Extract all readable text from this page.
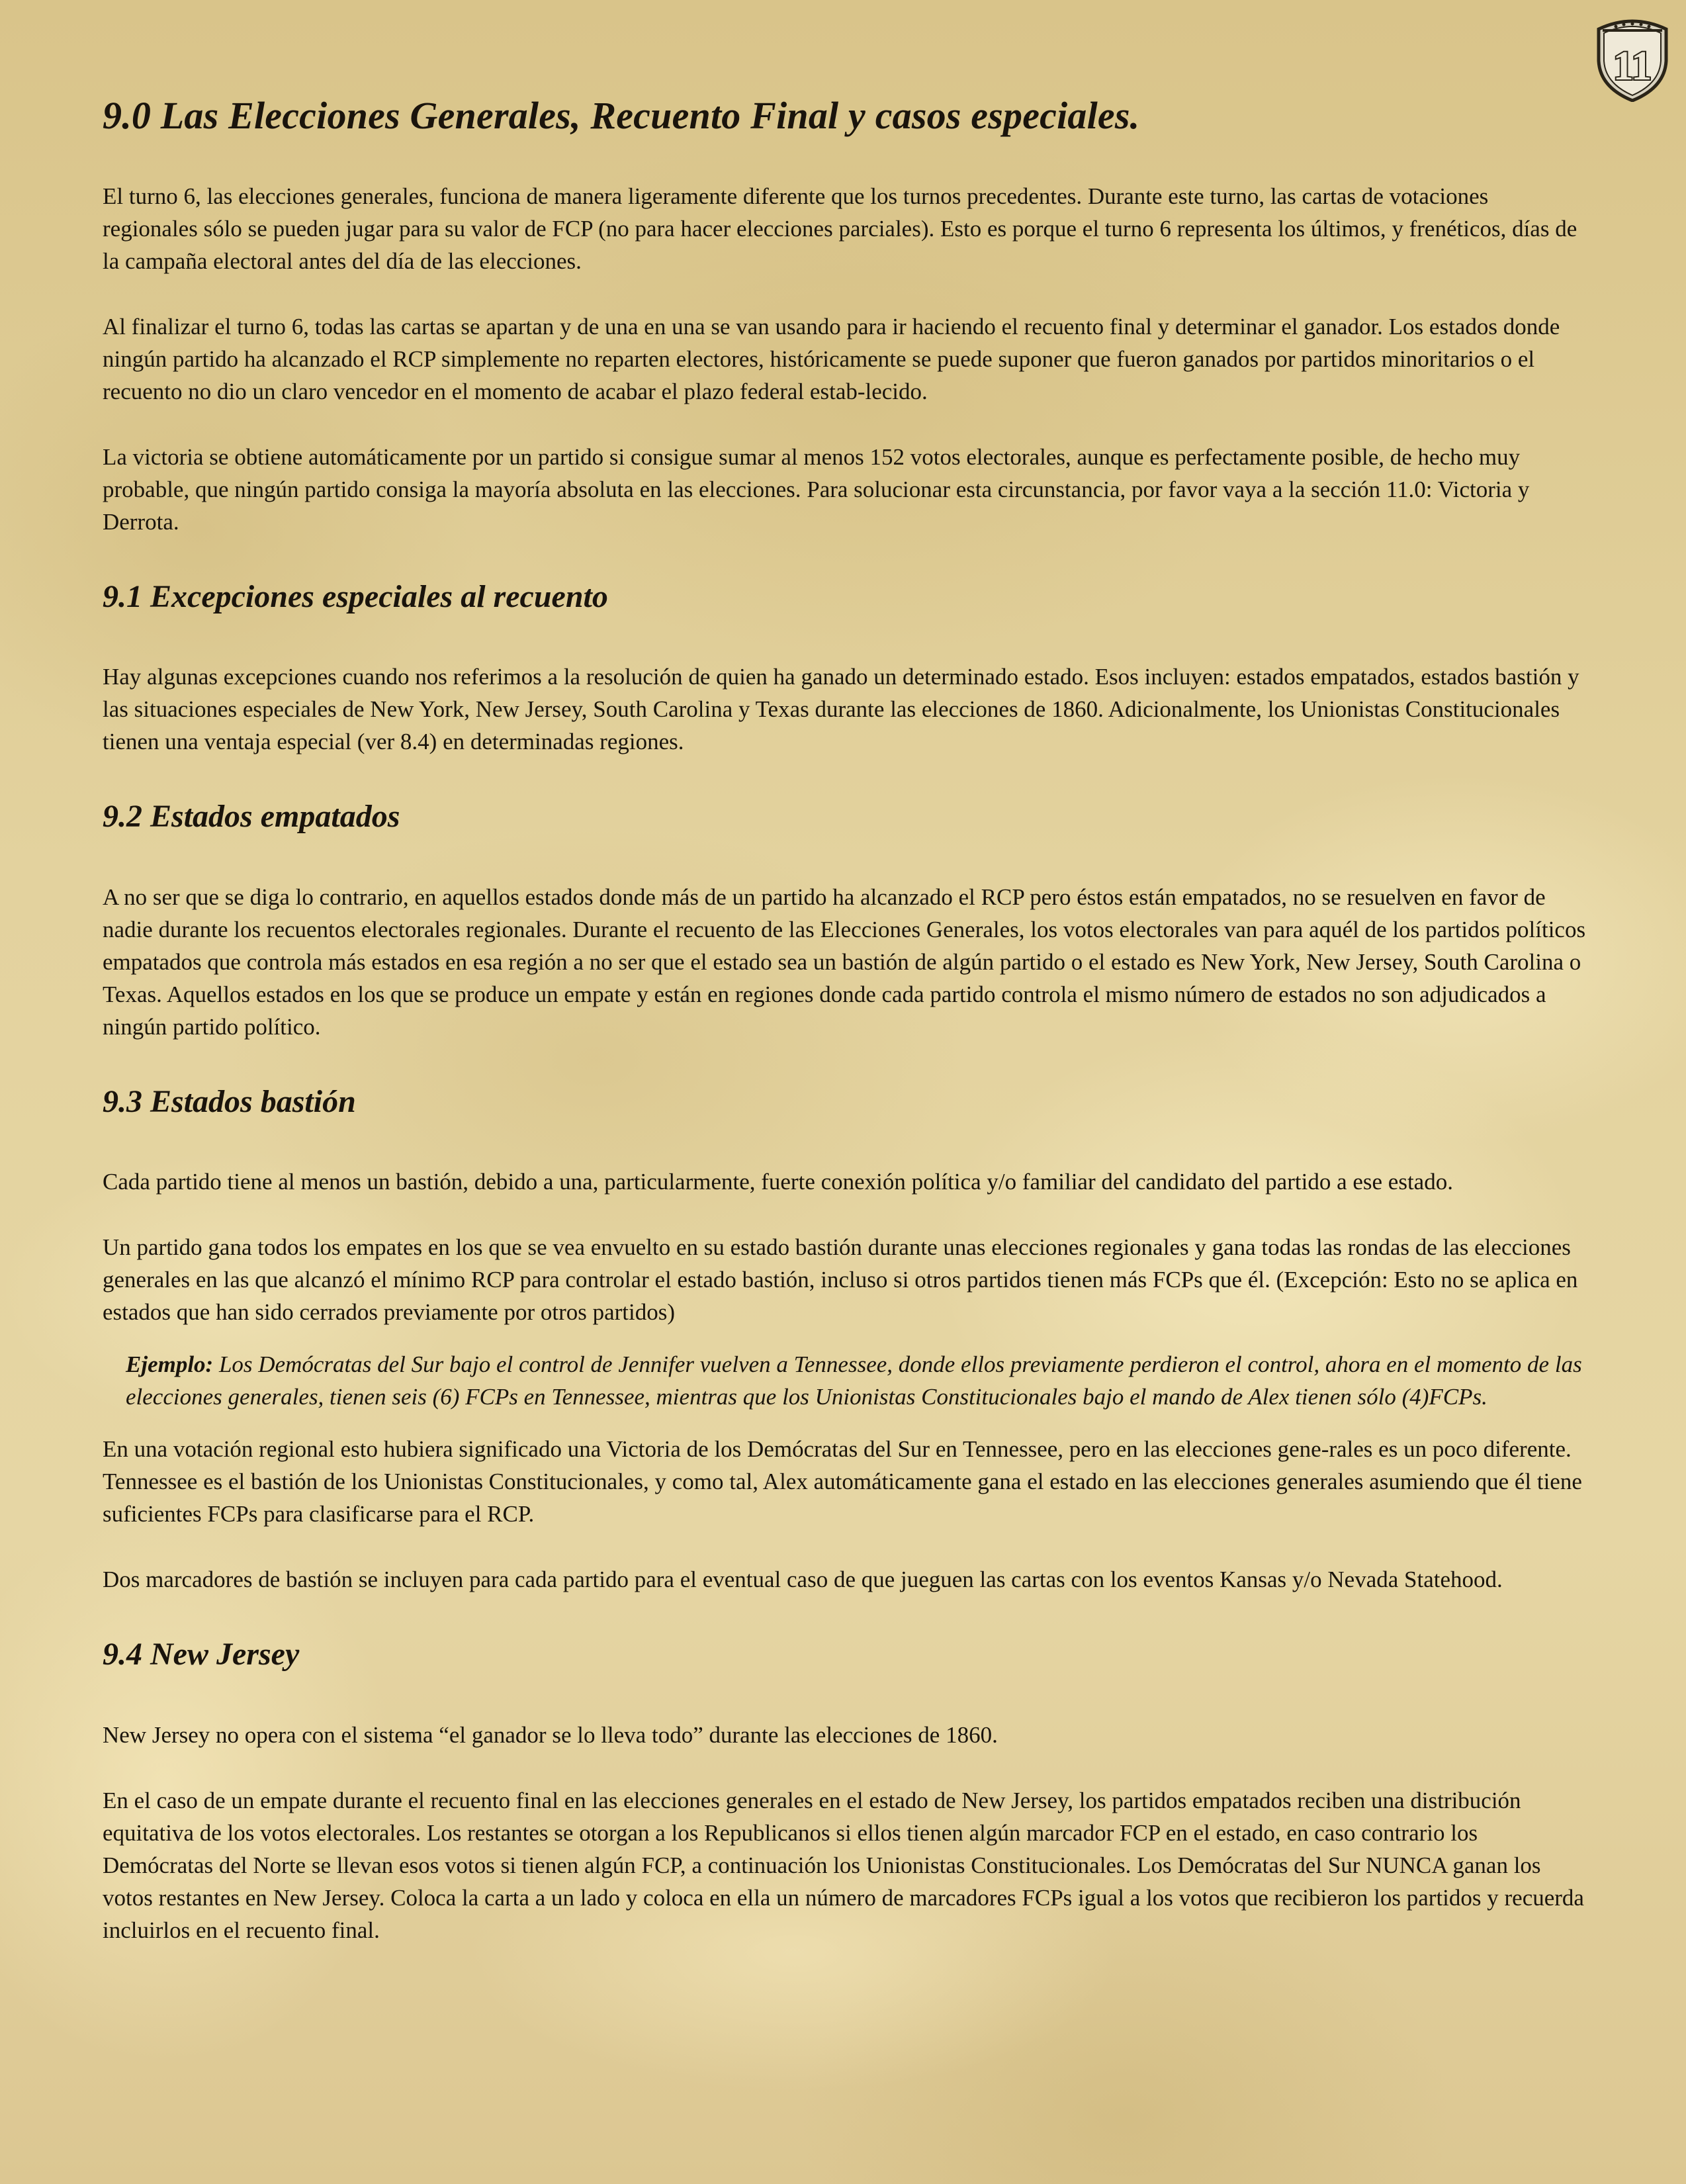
11
9.0 Las Elecciones Generales, Recuento Final y casos especiales.

El turno 6, las elecciones generales, funciona de manera ligeramente diferente que los turnos precedentes. Durante este turno, las cartas de votaciones regionales sólo se pueden jugar para su valor de FCP (no para hacer elecciones parciales). Esto es porque el turno 6 representa los últimos, y frenéticos, días de la campaña electoral antes del día de las elecciones.

Al finalizar el turno 6, todas las cartas se apartan y de una en una se van usando para ir haciendo el recuento final y determinar el ganador. Los estados donde ningún partido ha alcanzado el RCP simplemente no reparten electores, históricamente se puede suponer que fueron ganados por partidos minoritarios o el recuento no dio un claro vencedor en el momento de acabar el plazo federal estab-lecido.

La victoria se obtiene automáticamente por un partido si consigue sumar al menos 152 votos electorales, aunque es perfectamente posible, de hecho muy probable, que ningún partido consiga la mayoría absoluta en las elecciones. Para solucionar esta circunstancia, por favor vaya a la sección 11.0: Victoria y Derrota.

9.1 Excepciones especiales al recuento

Hay algunas excepciones cuando nos referimos a la resolución de quien ha ganado un determinado estado. Esos incluyen: estados empatados, estados bastión y las situaciones especiales de New York, New Jersey, South Carolina y Texas durante las elecciones de 1860. Adicionalmente, los Unionistas Constitucionales tienen una ventaja especial (ver 8.4) en determinadas regiones.

9.2 Estados empatados

A no ser que se diga lo contrario, en aquellos estados donde más de un partido ha alcanzado el RCP pero éstos están empatados, no se resuelven en favor de nadie durante los recuentos electorales regionales. Durante el recuento de las Elecciones Generales, los votos electorales van para aquél de los partidos políticos empatados que controla más estados en esa región a no ser que el estado sea un bastión de algún partido o el estado es New York, New Jersey, South Carolina o Texas. Aquellos estados en los que se produce un empate y están en regiones donde cada partido controla el mismo número de estados no son adjudicados a ningún partido político.

9.3 Estados bastión

Cada partido tiene al menos un bastión, debido a una, particularmente, fuerte conexión política y/o familiar del candidato del partido a ese estado.

Un partido gana todos los empates en los que se vea envuelto en su estado bastión durante unas elecciones regionales y gana todas las rondas de las elecciones generales en las que alcanzó el mínimo RCP para controlar el estado bastión, incluso si otros partidos tienen más FCPs que él. (Excepción: Esto no se aplica en estados que han sido cerrados previamente por otros partidos)

Ejemplo: Los Demócratas del Sur bajo el control de Jennifer vuelven a Tennessee, donde ellos previamente perdieron el control, ahora en el momento de las elecciones generales, tienen seis (6) FCPs en Tennessee, mientras que los Unionistas Constitucionales bajo el mando de Alex tienen sólo (4)FCPs.

En una votación regional esto hubiera significado una Victoria de los Demócratas del Sur en Tennessee, pero en las elecciones gene-rales es un poco diferente. Tennessee es el bastión de los Unionistas Constitucionales, y como tal, Alex automáticamente gana el estado en las elecciones generales asumiendo que él tiene suficientes FCPs para clasificarse para el RCP.

Dos marcadores de bastión se incluyen para cada partido para el eventual caso de que jueguen las cartas con los eventos Kansas y/o Nevada Statehood.

9.4 New Jersey

New Jersey no opera con el sistema “el ganador se lo lleva todo” durante las elecciones de 1860.

En el caso de un empate durante el recuento final en las elecciones generales en el estado de New Jersey, los partidos empatados reciben una distribución equitativa de los votos electorales. Los restantes se otorgan a los Republicanos si ellos tienen algún marcador FCP en el estado, en caso contrario los Demócratas del Norte se llevan esos votos si tienen algún FCP, a continuación los Unionistas Constitucionales. Los Demócratas del Sur NUNCA ganan los votos restantes en New Jersey. Coloca la carta a un lado y coloca en ella un número de marcadores FCPs igual a los votos que recibieron los partidos y recuerda incluirlos en el recuento final.
